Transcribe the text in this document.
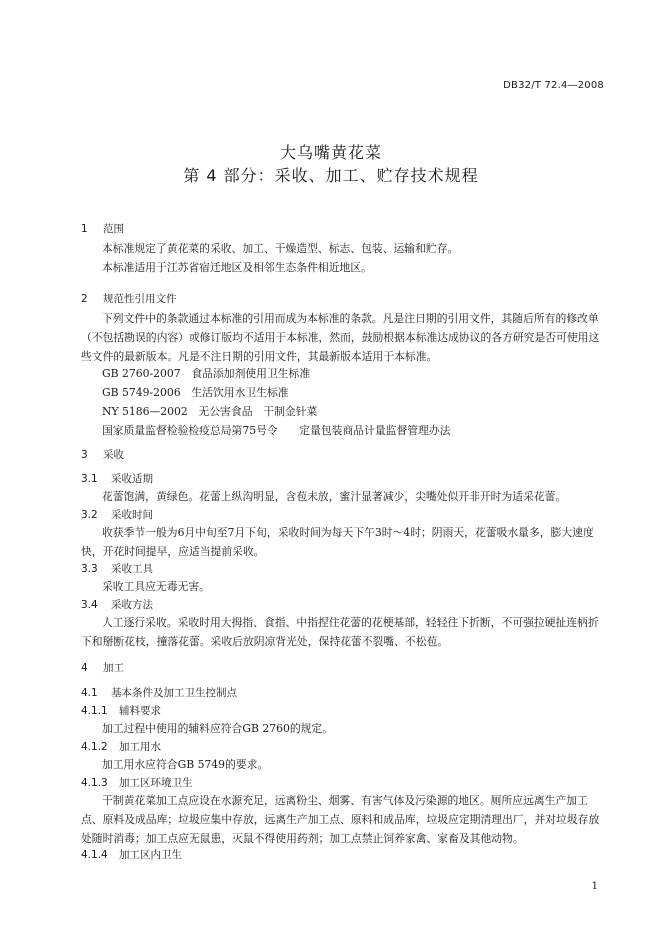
DB32/T 72.4—2008
大乌嘴黄花菜
第 4 部分：采收、加工、贮存技术规程
1 范围
本标准规定了黄花菜的采收、加工、干燥造型、标志、包装、运输和贮存。
本标准适用于江苏省宿迁地区及相邻生态条件相近地区。
2 规范性引用文件
下列文件中的条款通过本标准的引用而成为本标准的条款。凡是注日期的引用文件，其随后所有的修改单（不包括勘误的内容）或修订版均不适用于本标准，然而，鼓励根据本标准达成协议的各方研究是否可使用这些文件的最新版本。凡是不注日期的引用文件，其最新版本适用于本标准。
GB 2760-2007　食品添加剂使用卫生标准
GB 5749-2006　生活饮用水卫生标准
NY 5186—2002　无公害食品　干制金针菜
国家质量监督检验检疫总局第75号令　　定量包装商品计量监督管理办法
3 采收
3.1 采收适期
花蕾饱满，黄绿色。花蕾上纵沟明显，含苞未放，蜜汁显著减少，尖嘴处似开非开时为适采花蕾。
3.2 采收时间
收获季节一般为6月中旬至7月下旬，采收时间为每天下午3时～4时；阴雨天，花蕾吸水量多，膨大速度快，开花时间提早，应适当提前采收。
3.3 采收工具
采收工具应无毒无害。
3.4 采收方法
人工逐行采收。采收时用大拇指、食指、中指捏住花蕾的花梗基部，轻轻往下折断，不可强拉硬扯连柄折下和掰断花枝，撞落花蕾。采收后放阴凉背光处，保持花蕾不裂嘴、不松苞。
4 加工
4.1 基本条件及加工卫生控制点
4.1.1 辅料要求
加工过程中使用的辅料应符合GB 2760的规定。
4.1.2 加工用水
加工用水应符合GB 5749的要求。
4.1.3 加工区环境卫生
干制黄花菜加工点应设在水源充足，远离粉尘、烟雾、有害气体及污染源的地区。厕所应远离生产加工点、原料及成品库；垃圾应集中存放，远离生产加工点、原料和成品库，垃圾应定期清理出厂，并对垃圾存放处随时消毒；加工点应无鼠患，灭鼠不得使用药剂；加工点禁止饲养家禽、家畜及其他动物。
4.1.4 加工区内卫生
1
